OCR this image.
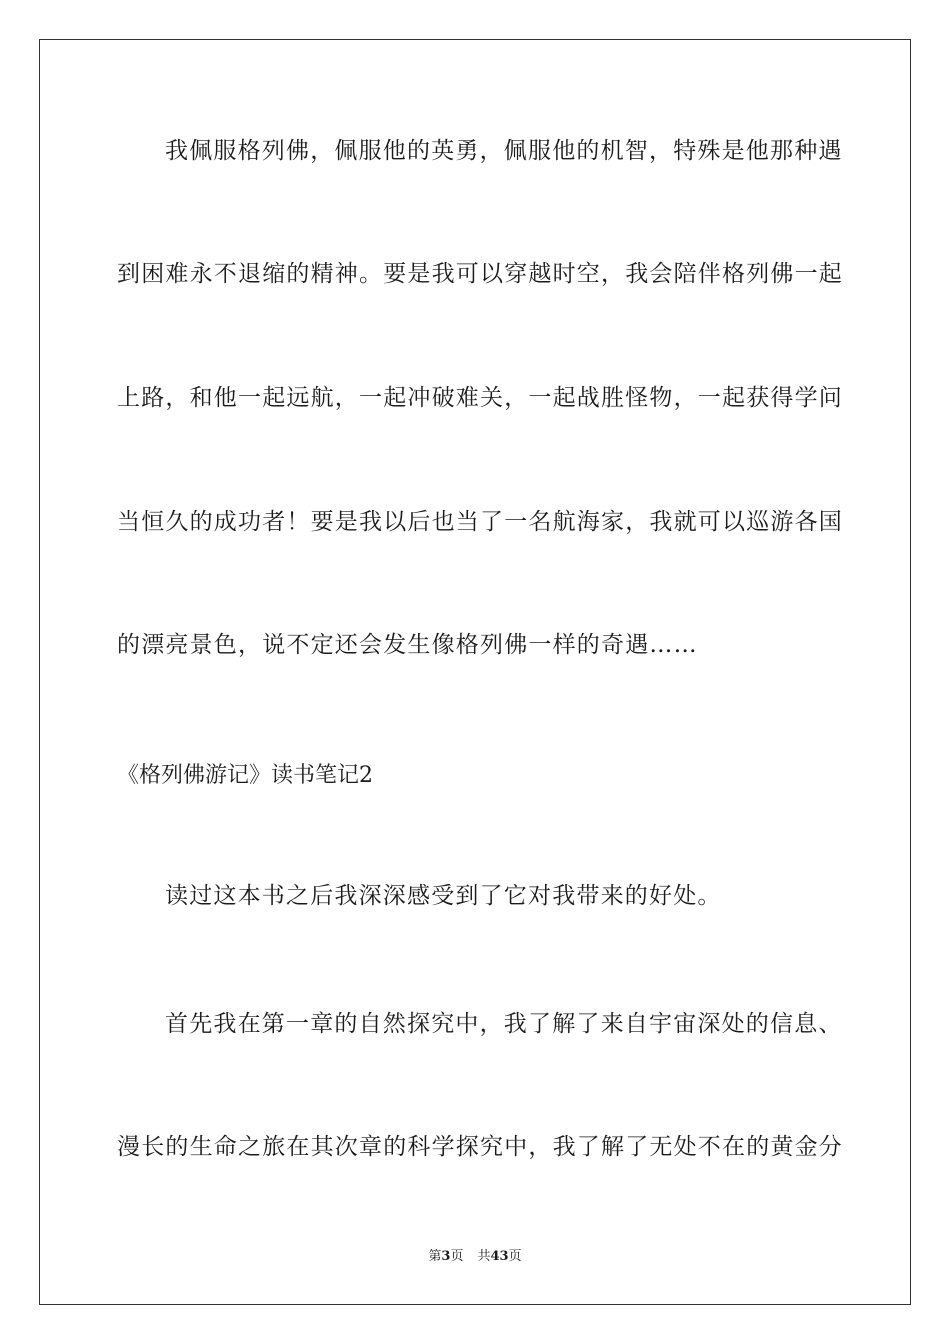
我佩服格列佛，佩服他的英勇，佩服他的机智，特殊是他那种遇
到困难永不退缩的精神。要是我可以穿越时空，我会陪伴格列佛一起
上路，和他一起远航，一起冲破难关，一起战胜怪物，一起获得学问
当恒久的成功者！要是我以后也当了一名航海家，我就可以巡游各国
的漂亮景色，说不定还会发生像格列佛一样的奇遇……
《格列佛游记》读书笔记2
读过这本书之后我深深感受到了它对我带来的好处。
首先我在第一章的自然探究中，我了解了来自宇宙深处的信息、
漫长的生命之旅在其次章的科学探究中，我了解了无处不在的黄金分
第3页 共43页
